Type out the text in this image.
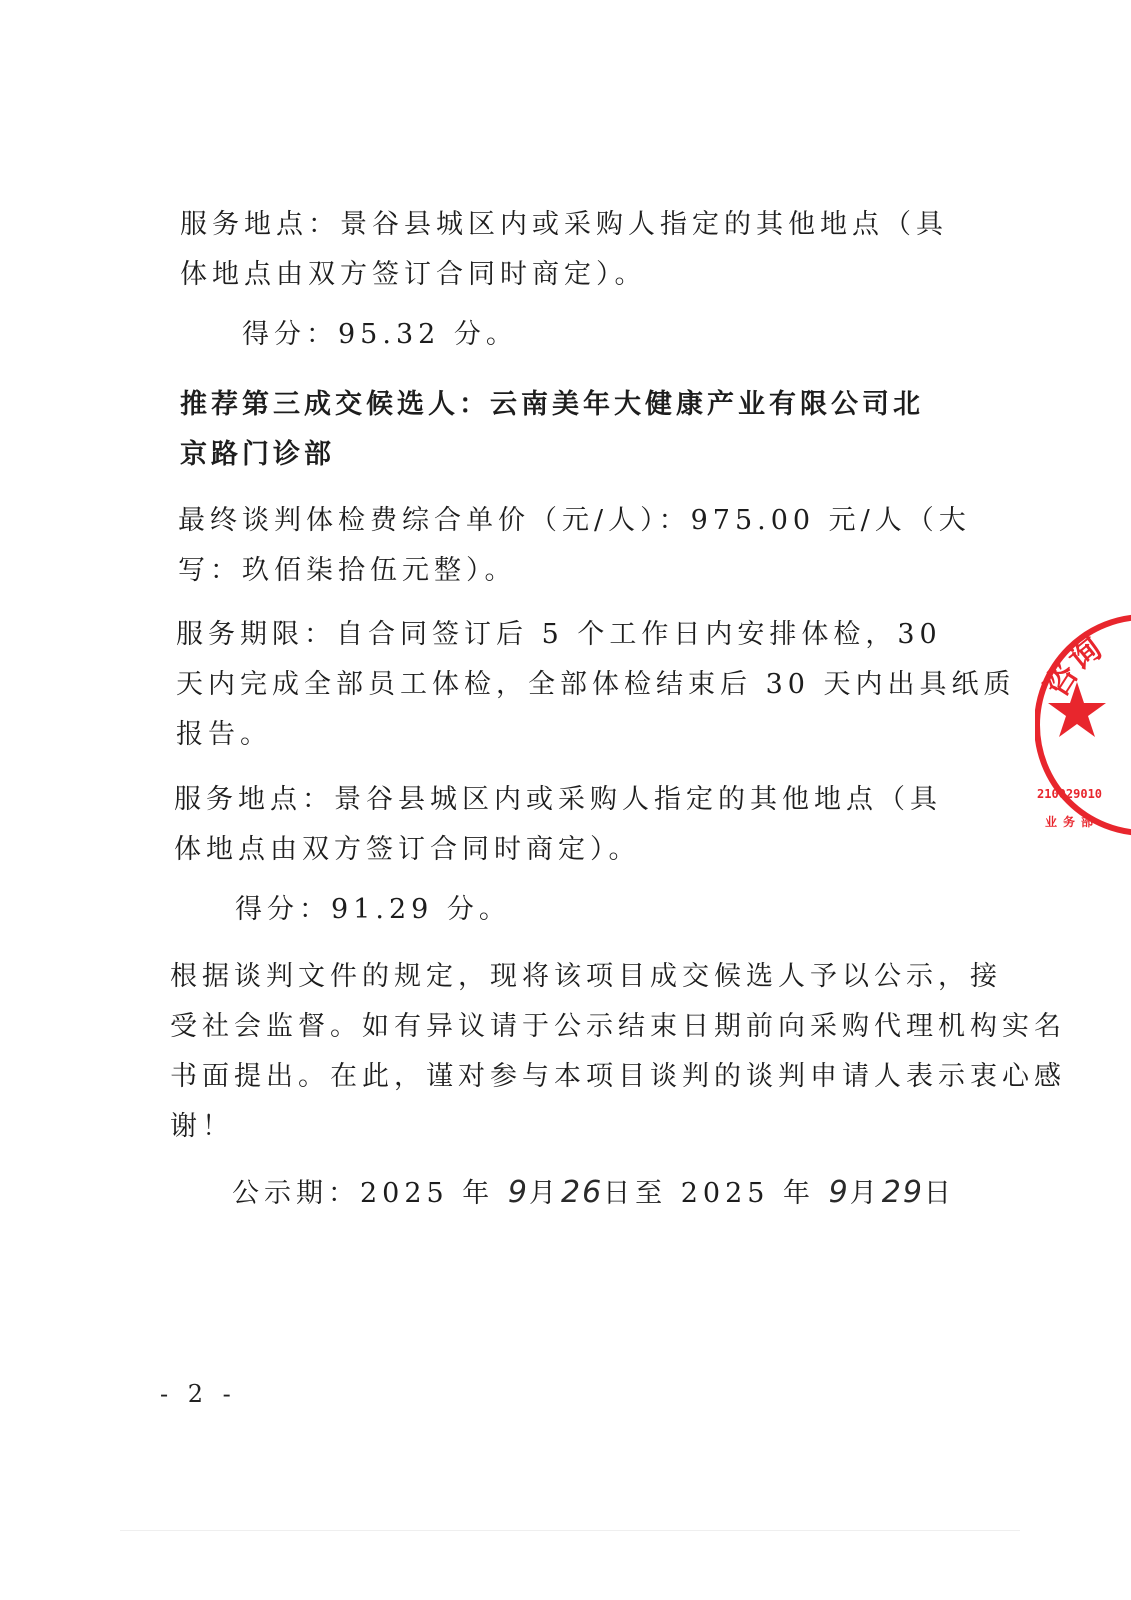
服务地点：景谷县城区内或采购人指定的其他地点（具
体地点由双方签订合同时商定）。

得分：95.32 分。

推荐第三成交候选人：云南美年大健康产业有限公司北
京路门诊部

最终谈判体检费综合单价（元/人）：975.00 元/人（大
写：玖佰柒拾伍元整）。

服务期限：自合同签订后 5 个工作日内安排体检，30
天内完成全部员工体检，全部体检结束后 30 天内出具纸质
报告。

服务地点：景谷县城区内或采购人指定的其他地点（具
体地点由双方签订合同时商定）。

得分：91.29 分。

根据谈判文件的规定，现将该项目成交候选人予以公示，接
受社会监督。如有异议请于公示结束日期前向采购代理机构实名
书面提出。在此，谨对参与本项目谈判的谈判申请人表示衷心感
谢！

公示期：2025 年 9月26日至 2025 年 9月29日

- 2 -
咨询
210029010
业务部
